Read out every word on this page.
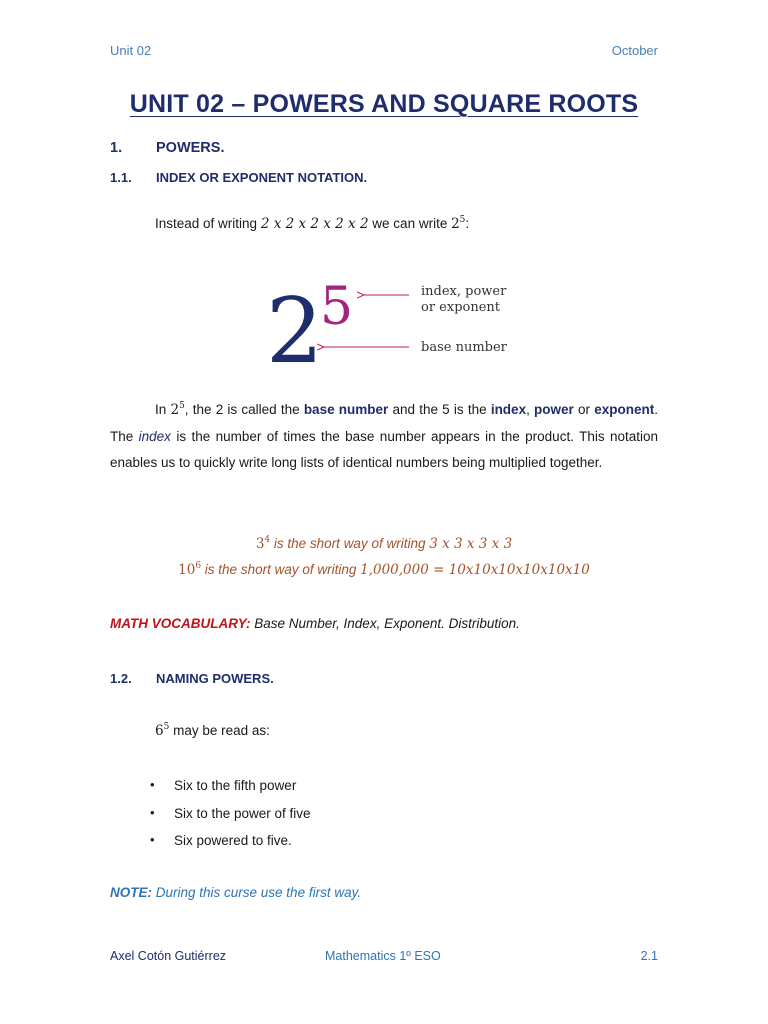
Unit 02	October
UNIT 02 – POWERS AND SQUARE ROOTS
1. POWERS.
1.1. INDEX OR EXPONENT NOTATION.
Instead of writing 2 x 2 x 2 x 2 x 2 we can write $2^5$:
2
5	index, power
or exponent
base number
In $2^5$, the 2 is called the base number and the 5 is the index, power or exponent. The index is the number of times the base number appears in the product. This notation enables us to quickly write long lists of identical numbers being multiplied together.
$3^4$ is the short way of writing 3 x 3 x 3 x 3
$10^6$ is the short way of writing 1,000,000 = 10x10x10x10x10x10
MATH VOCABULARY: Base Number, Index, Exponent. Distribution.
1.2. NAMING POWERS.
$6^5$ may be read as:
• Six to the fifth power
• Six to the power of five
• Six powered to five.
NOTE: During this curse use the first way.
Axel Cotón Gutiérrez	Mathematics 1º ESO	2.1
